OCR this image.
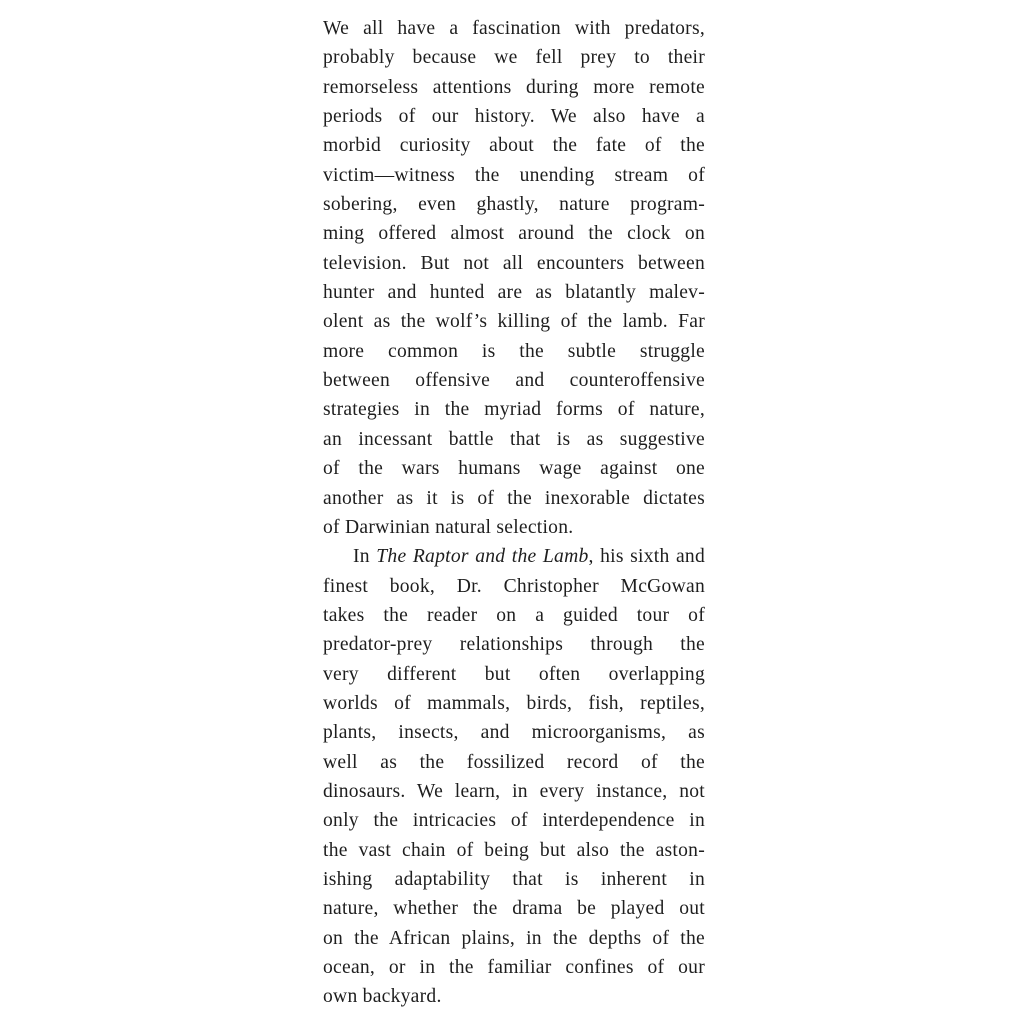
We all have a fascination with predators,
probably because we fell prey to their
remorseless attentions during more remote
periods of our history. We also have a
morbid curiosity about the fate of the
victim—witness the unending stream of
sobering, even ghastly, nature program-
ming offered almost around the clock on
television. But not all encounters between
hunter and hunted are as blatantly malev-
olent as the wolf’s killing of the lamb. Far
more common is the subtle struggle
between offensive and counteroffensive
strategies in the myriad forms of nature,
an incessant battle that is as suggestive
of the wars humans wage against one
another as it is of the inexorable dictates
of Darwinian natural selection.

In The Raptor and the Lamb, his sixth and
finest book, Dr. Christopher McGowan
takes the reader on a guided tour of
predator-prey relationships through the
very different but often overlapping
worlds of mammals, birds, fish, reptiles,
plants, insects, and microorganisms, as
well as the fossilized record of the
dinosaurs. We learn, in every instance, not
only the intricacies of interdependence in
the vast chain of being but also the aston-
ishing adaptability that is inherent in
nature, whether the drama be played out
on the African plains, in the depths of the
ocean, or in the familiar confines of our
own backyard.
